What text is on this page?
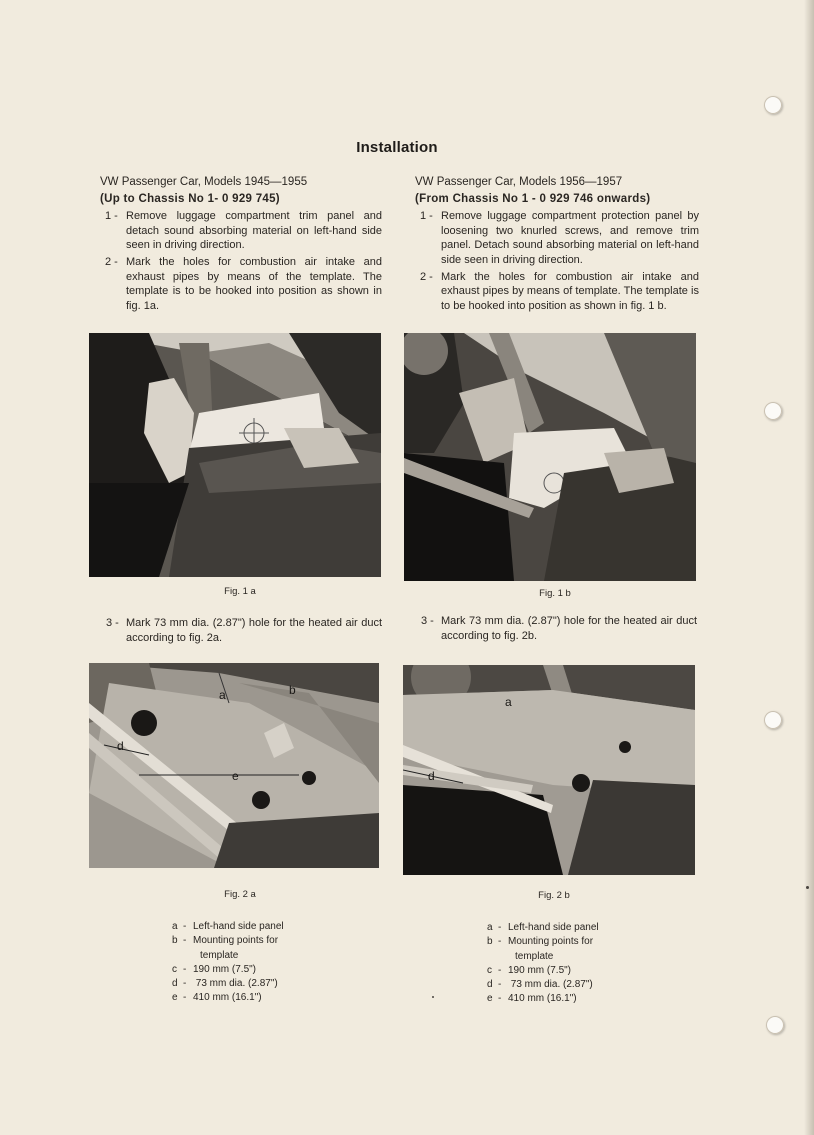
Installation
VW Passenger Car, Models 1945—1955
(Up to Chassis No 1- 0 929 745)
1 - Remove luggage compartment trim panel and detach sound absorbing material on left-hand side seen in driving direction.
2 - Mark the holes for combustion air intake and exhaust pipes by means of the template. The template is to be hooked into position as shown in fig. 1a.
VW Passenger Car, Models 1956—1957
(From Chassis No 1 - 0 929 746 onwards)
1 - Remove luggage compartment protection panel by loosening two knurled screws, and remove trim panel. Detach sound absorbing material on left-hand side seen in driving direction.
2 - Mark the holes for combustion air intake and exhaust pipes by means of template. The template is to be hooked into position as shown in fig. 1 b.
Fig. 1 a	Fig. 1 b
3 - Mark 73 mm dia. (2.87") hole for the heated air duct according to fig. 2a.
3 - Mark 73 mm dia. (2.87") hole for the heated air duct according to fig. 2b.
a	b
d
e
a
d
Fig. 2 a	Fig. 2 b
a - Left-hand side panel
b - Mounting points for
template
c - 190 mm (7.5")
d - 73 mm dia. (2.87")
e - 410 mm (16.1")
a - Left-hand side panel
b - Mounting points for
template
c - 190 mm (7.5")
d - 73 mm dia. (2.87")
e - 410 mm (16.1")
